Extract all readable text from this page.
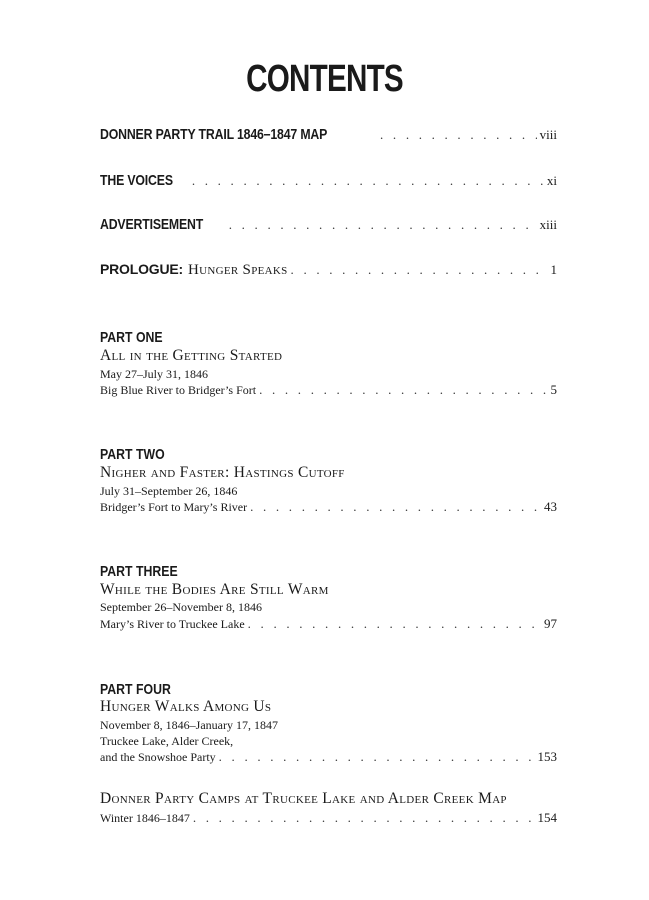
CONTENTS
DONNER PARTY TRAIL 1846–1847 MAP . . .	viii
THE VOICES . . .	xi
ADVERTISEMENT . . .	xiii
PROLOGUE: Hunger Speaks . . .	1
PART ONE
All in the Getting Started
May 27–July 31, 1846
Big Blue River to Bridger’s Fort . . .	5
PART TWO
Nigher and Faster: Hastings Cutoff
July 31–September 26, 1846
Bridger’s Fort to Mary’s River . . .	43
PART THREE
While the Bodies Are Still Warm
September 26–November 8, 1846
Mary’s River to Truckee Lake . . .	97
PART FOUR
Hunger Walks Among Us
November 8, 1846–January 17, 1847
Truckee Lake, Alder Creek,
and the Snowshoe Party . . .	153
Donner Party Camps at Truckee Lake and Alder Creek Map
Winter 1846–1847 . . .	154
